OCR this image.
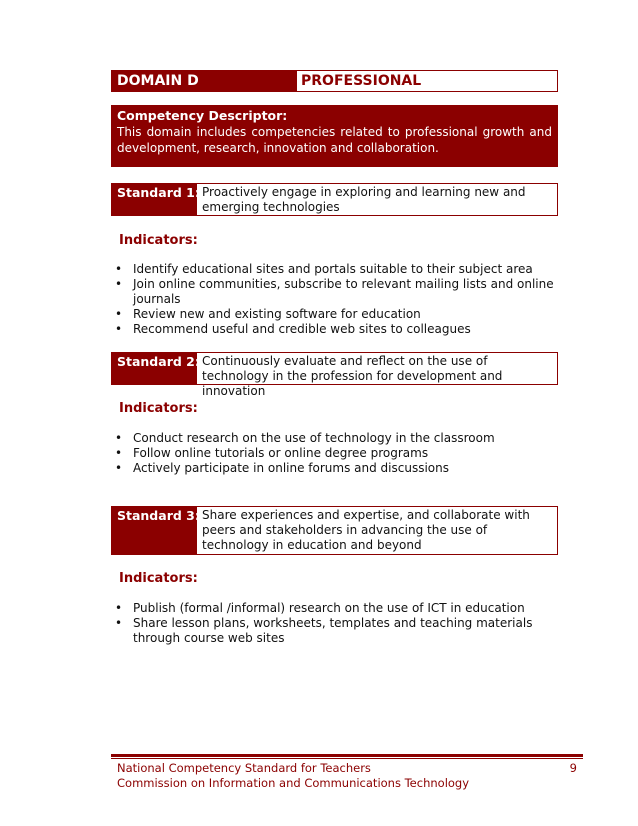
DOMAIN D	PROFESSIONAL
Competency Descriptor:
This domain includes competencies related to professional growth and development, research, innovation and collaboration.
Standard 1: Proactively engage in exploring and learning new and emerging technologies
Indicators:
• Identify educational sites and portals suitable to their subject area
• Join online communities, subscribe to relevant mailing lists and online journals
• Review new and existing software for education
• Recommend useful and credible web sites to colleagues
Standard 2: Continuously evaluate and reflect on the use of technology in the profession for development and innovation
Indicators:
• Conduct research on the use of technology in the classroom
• Follow online tutorials or online degree programs
• Actively participate in online forums and discussions
Standard 3: Share experiences and expertise, and collaborate with peers and stakeholders in advancing the use of technology in education and beyond
Indicators:
• Publish (formal /informal) research on the use of ICT in education
• Share lesson plans, worksheets, templates and teaching materials through course web sites
National Competency Standard for Teachers
Commission on Information and Communications Technology
9
